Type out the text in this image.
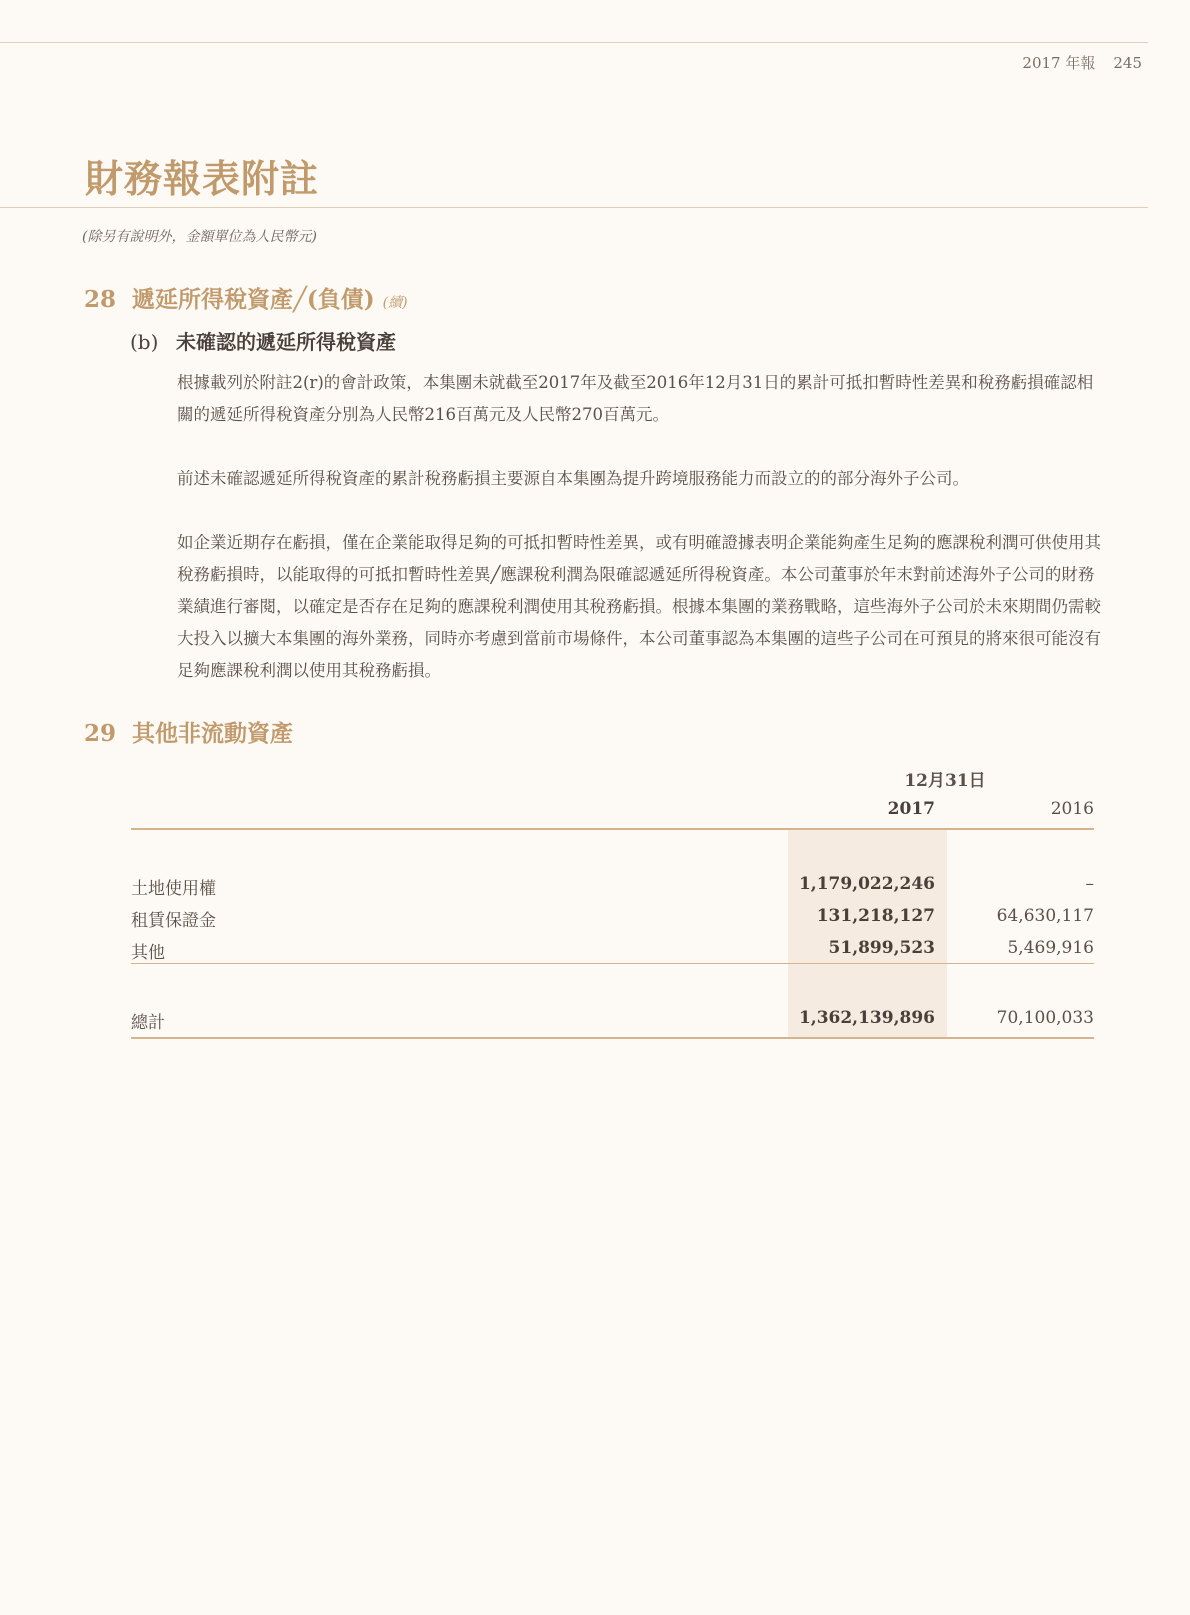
2017 年報 245
財務報表附註
(除另有說明外，金額單位為人民幣元)
28 遞延所得稅資產╱(負債) (續)
(b) 未確認的遞延所得稅資產

根據載列於附註2(r)的會計政策，本集團未就截至2017年及截至2016年12月31日的累計可抵扣暫時性差異和稅務虧損確認相關的遞延所得稅資產分別為人民幣216百萬元及人民幣270百萬元。

前述未確認遞延所得稅資產的累計稅務虧損主要源自本集團為提升跨境服務能力而設立的的部分海外子公司。

如企業近期存在虧損，僅在企業能取得足夠的可抵扣暫時性差異，或有明確證據表明企業能夠產生足夠的應課稅利潤可供使用其稅務虧損時，以能取得的可抵扣暫時性差異╱應課稅利潤為限確認遞延所得稅資產。本公司董事於年末對前述海外子公司的財務業績進行審閱，以確定是否存在足夠的應課稅利潤使用其稅務虧損。根據本集團的業務戰略，這些海外子公司於未來期間仍需較大投入以擴大本集團的海外業務，同時亦考慮到當前市場條件，本公司董事認為本集團的這些子公司在可預見的將來很可能沒有足夠應課稅利潤以使用其稅務虧損。

29 其他非流動資產
12月31日
2017	2016
土地使用權	1,179,022,246	–
租賃保證金	131,218,127	64,630,117
其他	51,899,523	5,469,916
總計	1,362,139,896	70,100,033
